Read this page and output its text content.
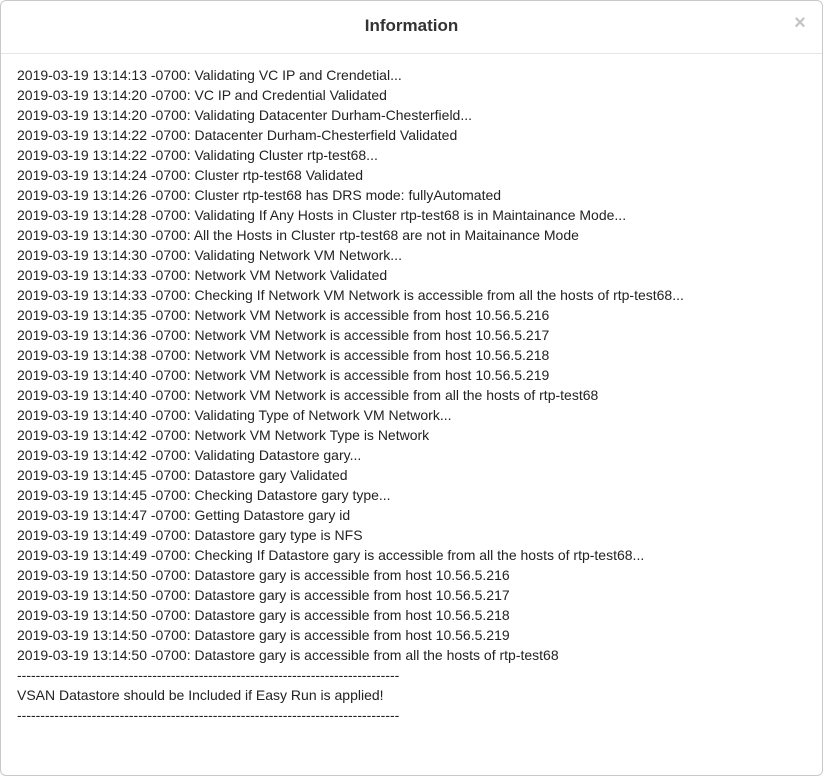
Information	×
2019-03-19 13:14:13 -0700: Validating VC IP and Crendetial...
2019-03-19 13:14:20 -0700: VC IP and Credential Validated
2019-03-19 13:14:20 -0700: Validating Datacenter Durham-Chesterfield...
2019-03-19 13:14:22 -0700: Datacenter Durham-Chesterfield Validated
2019-03-19 13:14:22 -0700: Validating Cluster rtp-test68...
2019-03-19 13:14:24 -0700: Cluster rtp-test68 Validated
2019-03-19 13:14:26 -0700: Cluster rtp-test68 has DRS mode: fullyAutomated
2019-03-19 13:14:28 -0700: Validating If Any Hosts in Cluster rtp-test68 is in Maintainance Mode...
2019-03-19 13:14:30 -0700: All the Hosts in Cluster rtp-test68 are not in Maitainance Mode
2019-03-19 13:14:30 -0700: Validating Network VM Network...
2019-03-19 13:14:33 -0700: Network VM Network Validated
2019-03-19 13:14:33 -0700: Checking If Network VM Network is accessible from all the hosts of rtp-test68...
2019-03-19 13:14:35 -0700: Network VM Network is accessible from host 10.56.5.216
2019-03-19 13:14:36 -0700: Network VM Network is accessible from host 10.56.5.217
2019-03-19 13:14:38 -0700: Network VM Network is accessible from host 10.56.5.218
2019-03-19 13:14:40 -0700: Network VM Network is accessible from host 10.56.5.219
2019-03-19 13:14:40 -0700: Network VM Network is accessible from all the hosts of rtp-test68
2019-03-19 13:14:40 -0700: Validating Type of Network VM Network...
2019-03-19 13:14:42 -0700: Network VM Network Type is Network
2019-03-19 13:14:42 -0700: Validating Datastore gary...
2019-03-19 13:14:45 -0700: Datastore gary Validated
2019-03-19 13:14:45 -0700: Checking Datastore gary type...
2019-03-19 13:14:47 -0700: Getting Datastore gary id
2019-03-19 13:14:49 -0700: Datastore gary type is NFS
2019-03-19 13:14:49 -0700: Checking If Datastore gary is accessible from all the hosts of rtp-test68...
2019-03-19 13:14:50 -0700: Datastore gary is accessible from host 10.56.5.216
2019-03-19 13:14:50 -0700: Datastore gary is accessible from host 10.56.5.217
2019-03-19 13:14:50 -0700: Datastore gary is accessible from host 10.56.5.218
2019-03-19 13:14:50 -0700: Datastore gary is accessible from host 10.56.5.219
2019-03-19 13:14:50 -0700: Datastore gary is accessible from all the hosts of rtp-test68
----------------------------------------------------------------------------------
VSAN Datastore should be Included if Easy Run is applied!
----------------------------------------------------------------------------------
